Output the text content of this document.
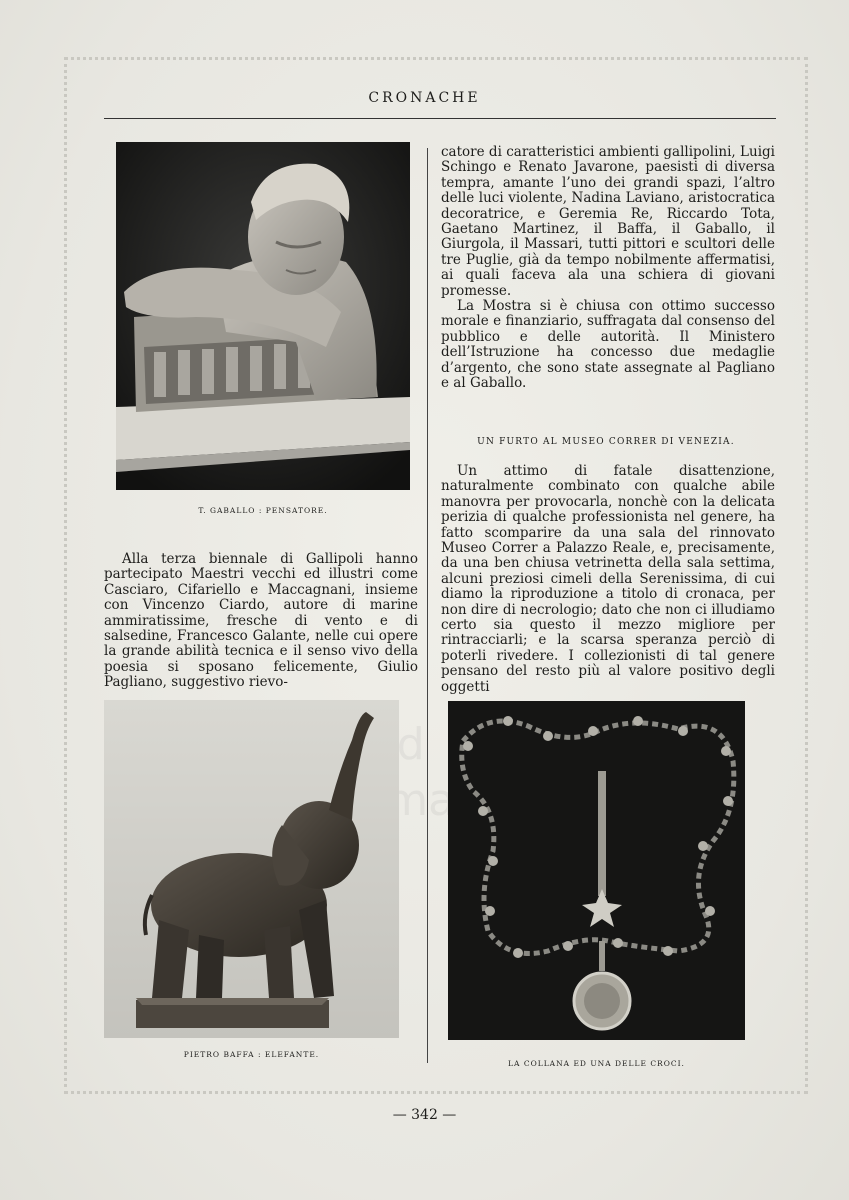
d

CRONACHE
T. GABALLO : PENSATORE.

Alla terza biennale di Gallipoli hanno partecipato Maestri vecchi ed illustri come Casciaro, Cifariello e Maccagnani, insieme con Vincenzo Ciardo, autore di marine ammiratissime, fresche di vento e di salsedine, Francesco Galante, nelle cui opere la grande abilità tecnica e il senso vivo della poesia si sposano felicemente, Giulio Pagliano, suggestivo rievo-

PIETRO BAFFA : ELEFANTE.

catore di caratteristici ambienti gallipolini, Luigi Schingo e Renato Javarone, paesisti di diversa tempra, amante l’uno dei grandi spazi, l’altro delle luci violente, Nadina Laviano, aristocratica decoratrice, e Geremia Re, Riccardo Tota, Gaetano Martinez, il Baffa, il Gaballo, il Giurgola, il Massari, tutti pittori e scultori delle tre Puglie, già da tempo nobilmente affermatisi, ai quali faceva ala una schiera di giovani promesse.

La Mostra si è chiusa con ottimo successo morale e finanziario, suffragata dal consenso del pubblico e delle autorità. Il Ministero dell’Istruzione ha concesso due medaglie d’argento, che sono state assegnate al Pagliano e al Gaballo.

UN FURTO AL MUSEO CORRER DI VENEZIA.

Un attimo di fatale disattenzione, naturalmente combinato con qualche abile manovra per provocarla, nonchè con la delicata perizia di qualche professionista nel genere, ha fatto scomparire da una sala del rinnovato Museo Correr a Palazzo Reale, e, precisamente, da una ben chiusa vetrinetta della sala settima, alcuni preziosi cimeli della Serenissima, di cui diamo la riproduzione a titolo di cronaca, per non dire di necrologio; dato che non ci illudiamo certo sia questo il mezzo migliore per rintracciarli; e la scarsa speranza perciò di poterli rivedere. I collezionisti di tal genere pensano del resto più al valore positivo degli oggetti

LA COLLANA ED UNA DELLE CROCI.
— 342 —
